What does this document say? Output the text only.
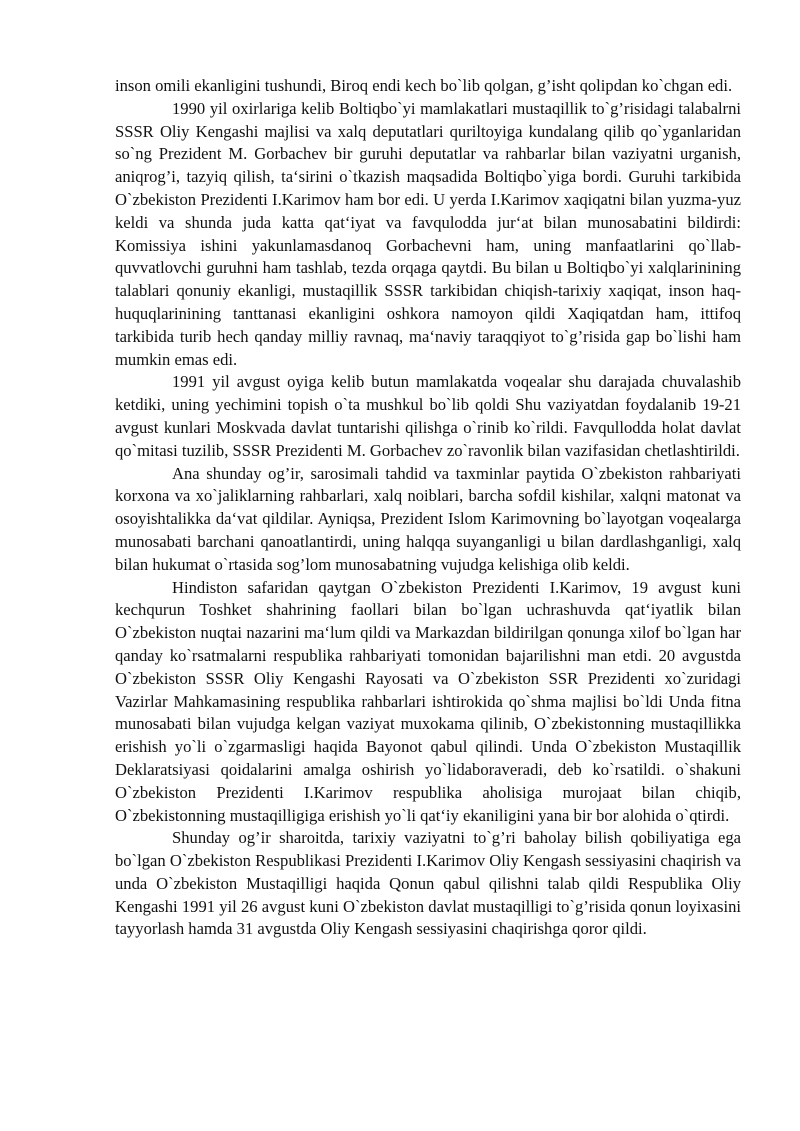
inson omili ekanligini tushundi, Biroq endi kech bo`lib qolgan, g’isht qolipdan ko`chgan edi.

1990 yil oxirlariga kelib Boltiqbo`yi mamlakatlari mustaqillik to`g’risidagi talabalrni SSSR Oliy Kengashi majlisi va xalq deputatlari quriltoyiga kundalang qilib qo`yganlaridan so`ng Prezident M. Gorbachev bir guruhi deputatlar va rahbarlar bilan vaziyatni urganish, aniqrog’i, tazyiq qilish, ta‘sirini o`tkazish maqsadida Boltiqbo`yiga bordi. Guruhi tarkibida O`zbekiston Prezidenti I.Karimov ham bor edi. U yerda I.Karimov xaqiqatni bilan yuzma-yuz keldi va shunda juda katta qat‘iyat va favqulodda jur‘at bilan munosabatini bildirdi: Komissiya ishini yakunlamasdanoq Gorbachevni ham, uning manfaatlarini qo`llab-quvvatlovchi guruhni ham tashlab, tezda orqaga qaytdi. Bu bilan u Boltiqbo`yi xalqlarinining talablari qonuniy ekanligi, mustaqillik SSSR tarkibidan chiqish-tarixiy xaqiqat, inson haq-huquqlarinining tanttanasi ekanligini oshkora namoyon qildi Xaqiqatdan ham, ittifoq tarkibida turib hech qanday milliy ravnaq, ma‘naviy taraqqiyot to`g’risida gap bo`lishi ham mumkin emas edi.

1991 yil avgust oyiga kelib butun mamlakatda voqealar shu darajada chuvalashib ketdiki, uning yechimini topish o`ta mushkul bo`lib qoldi Shu vaziyatdan foydalanib 19-21 avgust kunlari Moskvada davlat tuntarishi qilishga o`rinib ko`rildi. Favqullodda holat davlat qo`mitasi tuzilib, SSSR Prezidenti M. Gorbachev zo`ravonlik bilan vazifasidan chetlashtirildi.

Ana shunday og’ir, sarosimali tahdid va taxminlar paytida O`zbekiston rahbariyati korxona va xo`jaliklarning rahbarlari, xalq noiblari, barcha sofdil kishilar, xalqni matonat va osoyishtalikka da‘vat qildilar. Ayniqsa, Prezident Islom Karimovning bo`layotgan voqealarga munosabati barchani qanoatlantirdi, uning halqqa suyanganligi u bilan dardlashganligi, xalq bilan hukumat o`rtasida sog’lom munosabatning vujudga kelishiga olib keldi.

Hindiston safaridan qaytgan O`zbekiston Prezidenti I.Karimov, 19 avgust kuni kechqurun Toshket shahrining faollari bilan bo`lgan uchrashuvda qat‘iyatlik bilan O`zbekiston nuqtai nazarini ma‘lum qildi va Markazdan bildirilgan qonunga xilof bo`lgan har qanday ko`rsatmalarni respublika rahbariyati tomonidan bajarilishni man etdi. 20 avgustda O`zbekiston SSSR Oliy Kengashi Rayosati va O`zbekiston SSR Prezidenti xo`zuridagi Vazirlar Mahkamasining respublika rahbarlari ishtirokida qo`shma majlisi bo`ldi Unda fitna munosabati bilan vujudga kelgan vaziyat muxokama qilinib, O`zbekistonning mustaqillikka erishish yo`li o`zgarmasligi haqida Bayonot qabul qilindi. Unda O`zbekiston Mustaqillik Deklaratsiyasi qoidalarini amalga oshirish yo`lidaboraveradi, deb ko`rsatildi. o`shakuni O`zbekiston Prezidenti I.Karimov respublika aholisiga murojaat bilan chiqib, O`zbekistonning mustaqilligiga erishish yo`li qat‘iy ekaniligini yana bir bor alohida o`qtirdi.

Shunday og’ir sharoitda, tarixiy vaziyatni to`g’ri baholay bilish qobiliyatiga ega bo`lgan O`zbekiston Respublikasi Prezidenti I.Karimov Oliy Kengash sessiyasini chaqirish va unda O`zbekiston Mustaqilligi haqida Qonun qabul qilishni talab qildi Respublika Oliy Kengashi 1991 yil 26 avgust kuni O`zbekiston davlat mustaqilligi to`g’risida qonun loyixasini tayyorlash hamda 31 avgustda Oliy Kengash sessiyasini chaqirishga qoror qildi.
